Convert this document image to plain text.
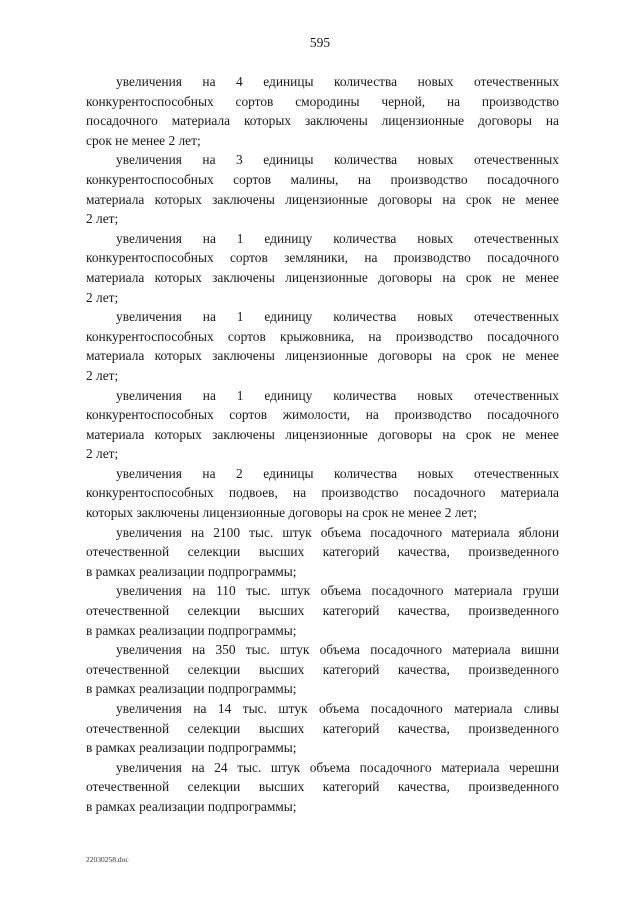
595
увеличения на 4 единицы количества новых отечественных
конкурентоспособных сортов смородины черной, на производство
посадочного материала которых заключены лицензионные договоры на
срок не менее 2 лет;
увеличения на 3 единицы количества новых отечественных
конкурентоспособных сортов малины, на производство посадочного
материала которых заключены лицензионные договоры на срок не менее
2 лет;
увеличения на 1 единицу количества новых отечественных
конкурентоспособных сортов земляники, на производство посадочного
материала которых заключены лицензионные договоры на срок не менее
2 лет;
увеличения на 1 единицу количества новых отечественных
конкурентоспособных сортов крыжовника, на производство посадочного
материала которых заключены лицензионные договоры на срок не менее
2 лет;
увеличения на 1 единицу количества новых отечественных
конкурентоспособных сортов жимолости, на производство посадочного
материала которых заключены лицензионные договоры на срок не менее
2 лет;
увеличения на 2 единицы количества новых отечественных
конкурентоспособных подвоев, на производство посадочного материала
которых заключены лицензионные договоры на срок не менее 2 лет;
увеличения на 2100 тыс. штук объема посадочного материала яблони
отечественной селекции высших категорий качества, произведенного
в рамках реализации подпрограммы;
увеличения на 110 тыс. штук объема посадочного материала груши
отечественной селекции высших категорий качества, произведенного
в рамках реализации подпрограммы;
увеличения на 350 тыс. штук объема посадочного материала вишни
отечественной селекции высших категорий качества, произведенного
в рамках реализации подпрограммы;
увеличения на 14 тыс. штук объема посадочного материала сливы
отечественной селекции высших категорий качества, произведенного
в рамках реализации подпрограммы;
увеличения на 24 тыс. штук объема посадочного материала черешни
отечественной селекции высших категорий качества, произведенного
в рамках реализации подпрограммы;
22030258.doc
